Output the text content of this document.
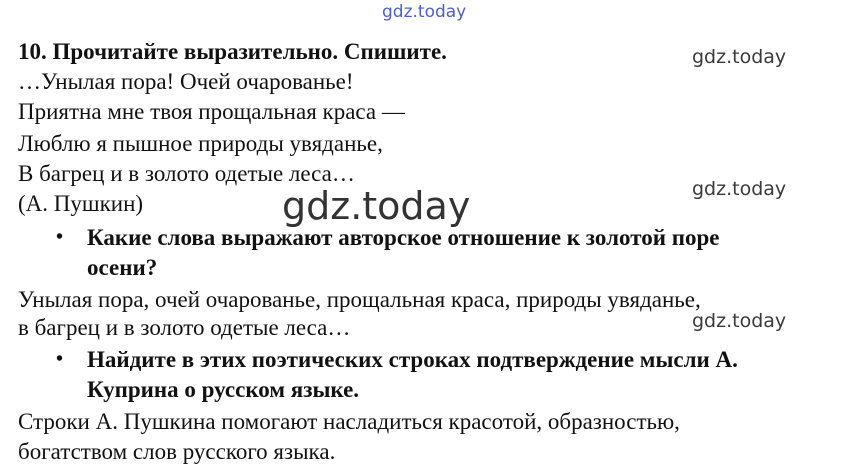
gdz.today
gdz.today
gdz.today
gdz.today
gdz.today
10. Прочитайте выразительно. Спишите.
…Унылая пора! Очей очарованье!
Приятна мне твоя прощальная краса —
Люблю я пышное природы увяданье,
В багрец и в золото одетые леса…
(А. Пушкин)
• Какие слова выражают авторское отношение к золотой поре
осени?
Унылая пора, очей очарованье, прощальная краса, природы увяданье,
в багрец и в золото одетые леса…
• Найдите в этих поэтических строках подтверждение мысли А.
Куприна о русском языке.
Строки А. Пушкина помогают насладиться красотой, образностью,
богатством слов русского языка.
